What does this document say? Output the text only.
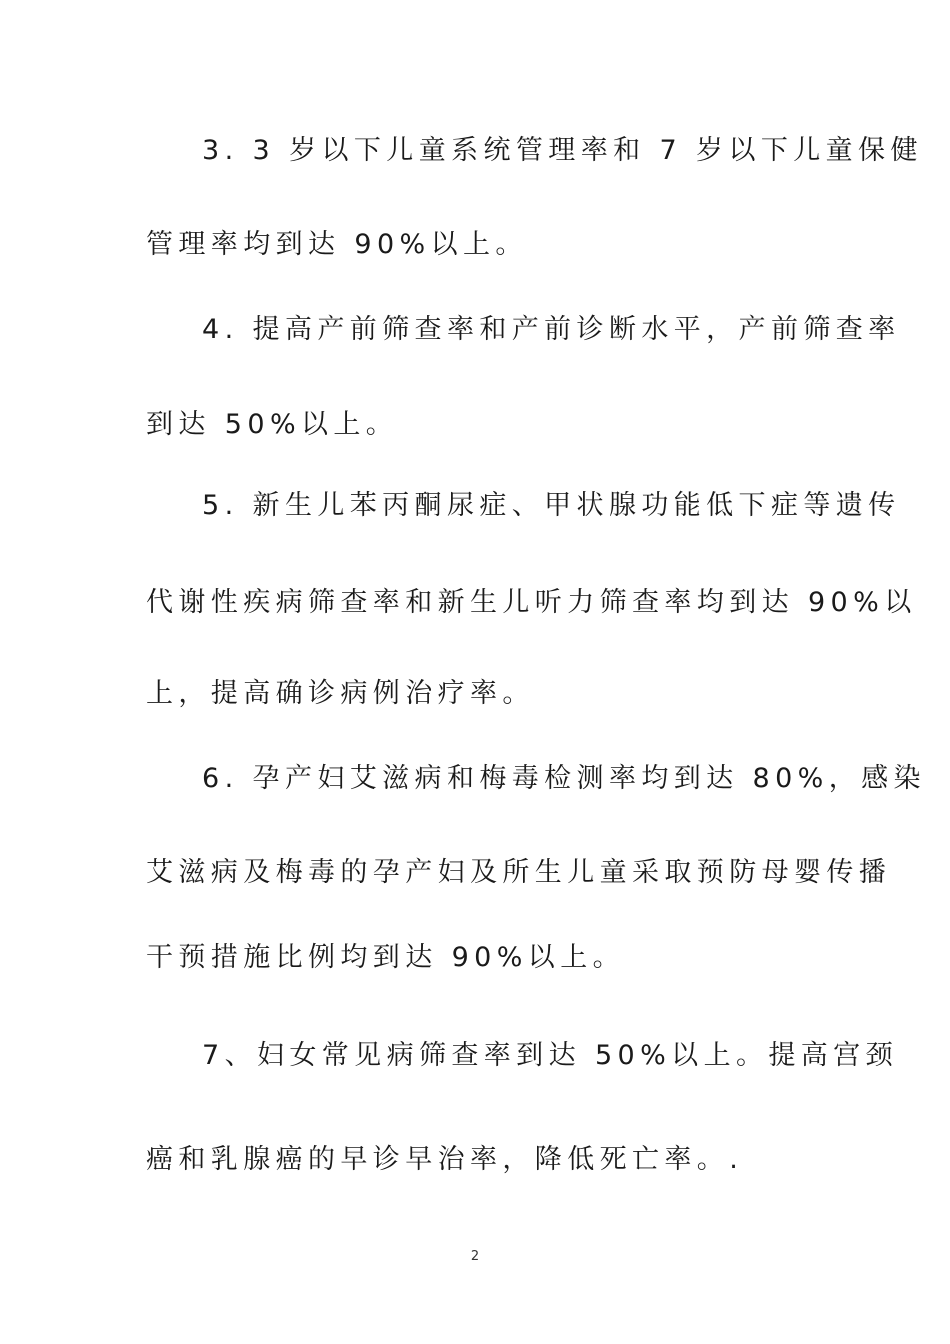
3. 3 岁以下儿童系统管理率和 7 岁以下儿童保健
管理率均到达 90%以上。
4. 提高产前筛查率和产前诊断水平，产前筛查率
到达 50%以上。
5. 新生儿苯丙酮尿症、甲状腺功能低下症等遗传
代谢性疾病筛查率和新生儿听力筛查率均到达 90%以
上，提高确诊病例治疗率。
6. 孕产妇艾滋病和梅毒检测率均到达 80%，感染
艾滋病及梅毒的孕产妇及所生儿童采取预防母婴传播
干预措施比例均到达 90%以上。
7、妇女常见病筛查率到达 50%以上。提高宫颈
癌和乳腺癌的早诊早治率，降低死亡率。.
2
